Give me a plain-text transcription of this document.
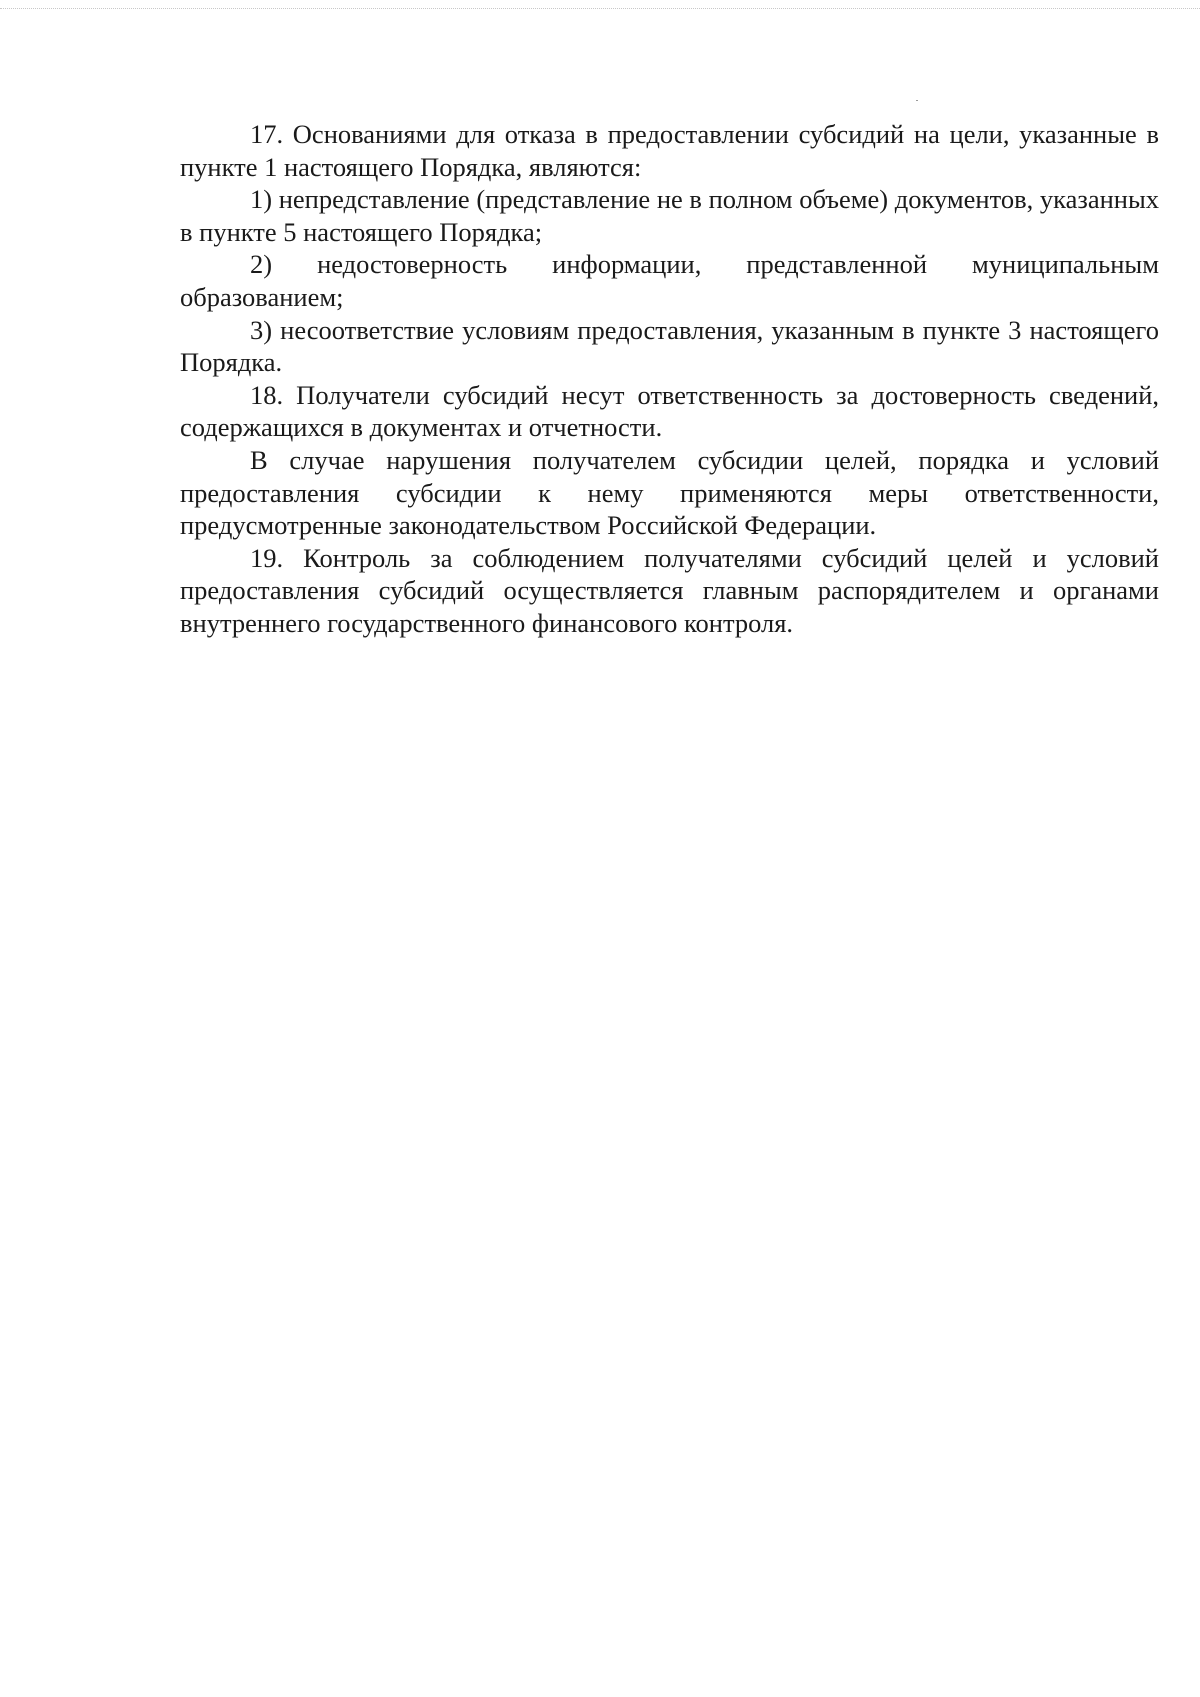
17. Основаниями для отказа в предоставлении субсидий на цели, указанные в пункте 1 настоящего Порядка, являются:

1) непредставление (представление не в полном объеме) документов, указанных в пункте 5 настоящего Порядка;

2) недостоверность информации, представленной муниципальным образованием;

3) несоответствие условиям предоставления, указанным в пункте 3 настоящего Порядка.

18. Получатели субсидий несут ответственность за достоверность сведений, содержащихся в документах и отчетности.

В случае нарушения получателем субсидии целей, порядка и условий предоставления субсидии к нему применяются меры ответственности, предусмотренные законодательством Российской Федерации.

19. Контроль за соблюдением получателями субсидий целей и условий предоставления субсидий осуществляется главным распорядителем и органами внутреннего государственного финансового контроля.
